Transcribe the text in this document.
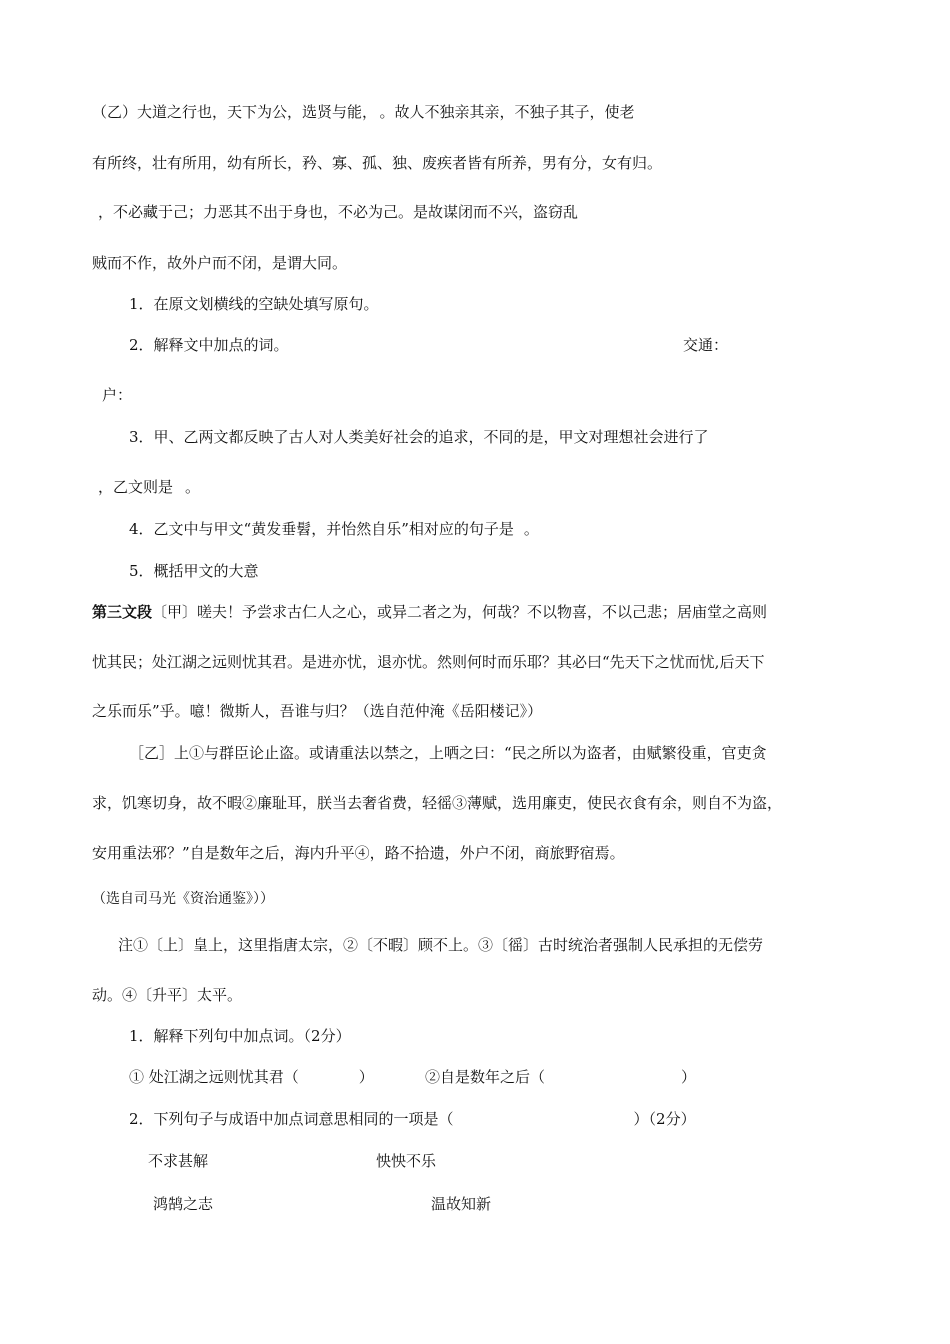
（乙）大道之行也，天下为公，选贤与能， 。故人不独亲其亲，不独子其子，使老
有所终，壮有所用，幼有所长，矜、寡、孤、独、废疾者皆有所养，男有分，女有归。
，不必藏于己；力恶其不出于身也，不必为己。是故谋闭而不兴，盗窃乱
贼而不作，故外户而不闭，是谓大同。
1．在原文划横线的空缺处填写原句。
2．解释文中加点的词。	交通：
户：
3．甲、乙两文都反映了古人对人类美好社会的追求，不同的是，甲文对理想社会进行了
，乙文则是 。
4．乙文中与甲文“黄发垂髫，并怡然自乐”相对应的句子是 。
5．概括甲文的大意
第三文段〔甲〕嗟夫！予尝求古仁人之心，或异二者之为，何哉？不以物喜，不以己悲；居庙堂之高则
忧其民；处江湖之远则忧其君。是进亦忧，退亦忧。然则何时而乐耶？其必曰“先天下之忧而忧,后天下
之乐而乐”乎。噫！微斯人，吾谁与归？（选自范仲淹《岳阳楼记》）
［乙］上①与群臣论止盗。或请重法以禁之，上哂之曰：“民之所以为盗者，由赋繁役重，官吏贪
求，饥寒切身，故不暇②廉耻耳，朕当去奢省费，轻徭③薄赋，选用廉吏，使民衣食有余，则自不为盗，
安用重法邪？”自是数年之后，海内升平④，路不拾遗，外户不闭，商旅野宿焉。
（选自司马光《资治通鉴》））
注①〔上〕皇上，这里指唐太宗，②〔不暇〕顾不上。③〔徭〕古时统治者强制人民承担的无偿劳
动。④〔升平〕太平。
1．解释下列句中加点词。（2分）
① 处江湖之远则忧其君（	）	②自是数年之后（	）
2．下列句子与成语中加点词意思相同的一项是（	）（2分）
不求甚解	怏怏不乐
鸿鹄之志	温故知新
